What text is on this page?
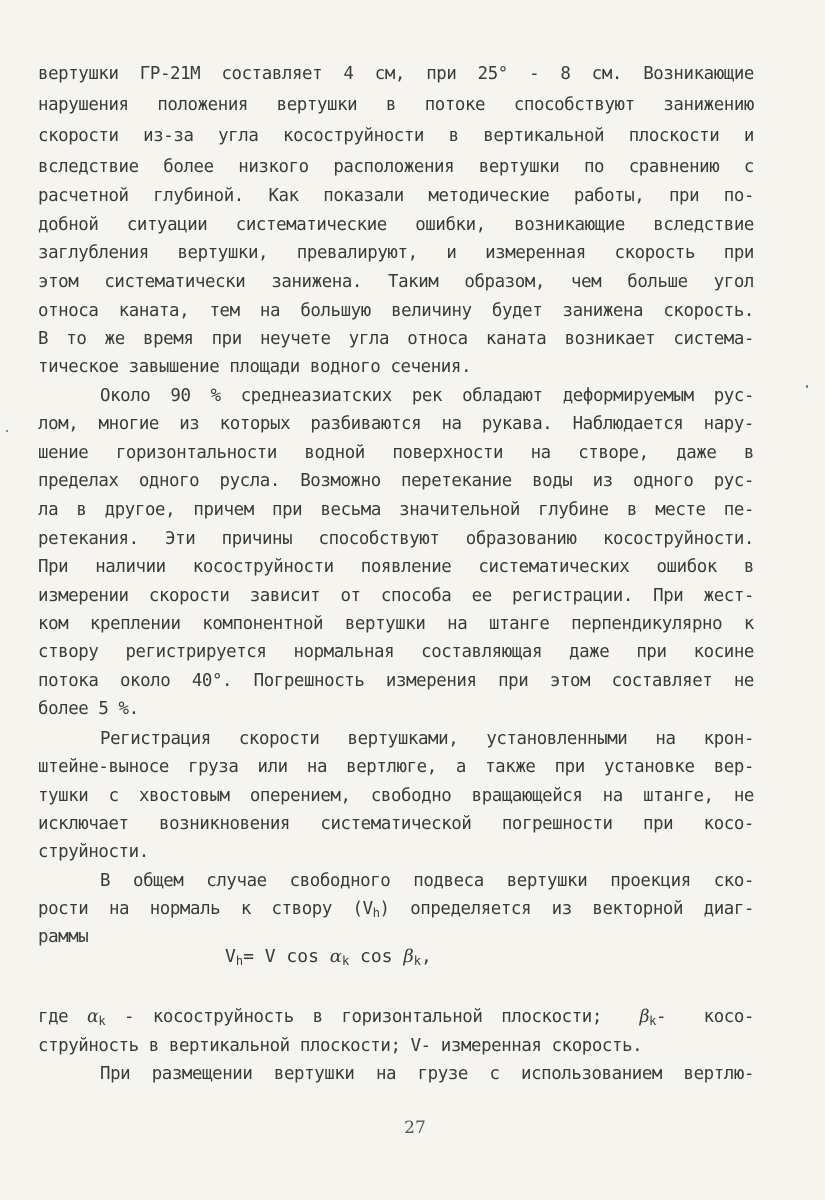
вертушки ГР-21М составляет 4 см, при 25° - 8 см. Возникающие
нарушения положения вертушки в потоке способствуют занижению
скорости из-за угла косоструйности в вертикальной плоскости и
вследствие более низкого расположения вертушки по сравнению с
расчетной глубиной. Как показали методические работы, при по-
добной ситуации систематические ошибки, возникающие вследствие
заглубления вертушки, превалируют, и измеренная скорость при
этом систематически занижена. Таким образом, чем больше угол
относа каната, тем на большую величину будет занижена скорость.
В то же время при неучете угла относа каната возникает система-
тическое завышение площади водного сечения.
Около 90 % среднеазиатских рек обладают деформируемым рус-
лом, многие из которых разбиваются на рукава. Наблюдается нару-
шение горизонтальности водной поверхности на створе, даже в
пределах одного русла. Возможно перетекание воды из одного рус-
ла в другое, причем при весьма значительной глубине в месте пе-
ретекания. Эти причины способствуют образованию косоструйности.
При наличии косоструйности появление систематических ошибок в
измерении скорости зависит от способа ее регистрации. При жест-
ком креплении компонентной вертушки на штанге перпендикулярно к
створу регистрируется нормальная составляющая даже при косине
потока около 40°. Погрешность измерения при этом составляет не
более 5 %.
Регистрация скорости вертушками, установленными на крон-
штейне-выносе груза или на вертлюге, а также при установке вер-
тушки с хвостовым оперением, свободно вращающейся на штанге, не
исключает возникновения систематической погрешности при косо-
струйности.
В общем случае свободного подвеса вертушки проекция ско-
рости на нормаль к створу $(V_h)$ определяется из векторной диаг-
раммы
$V_h= V$ $\cos \alpha_k$ $\cos \beta_k$,
где $\alpha_k$ - косоструйность в горизонтальной плоскости;  $\beta_k-$  косо-
струйность в вертикальной плоскости; V- измеренная скорость.
При размещении вертушки на грузе с использованием вертлю-
27
